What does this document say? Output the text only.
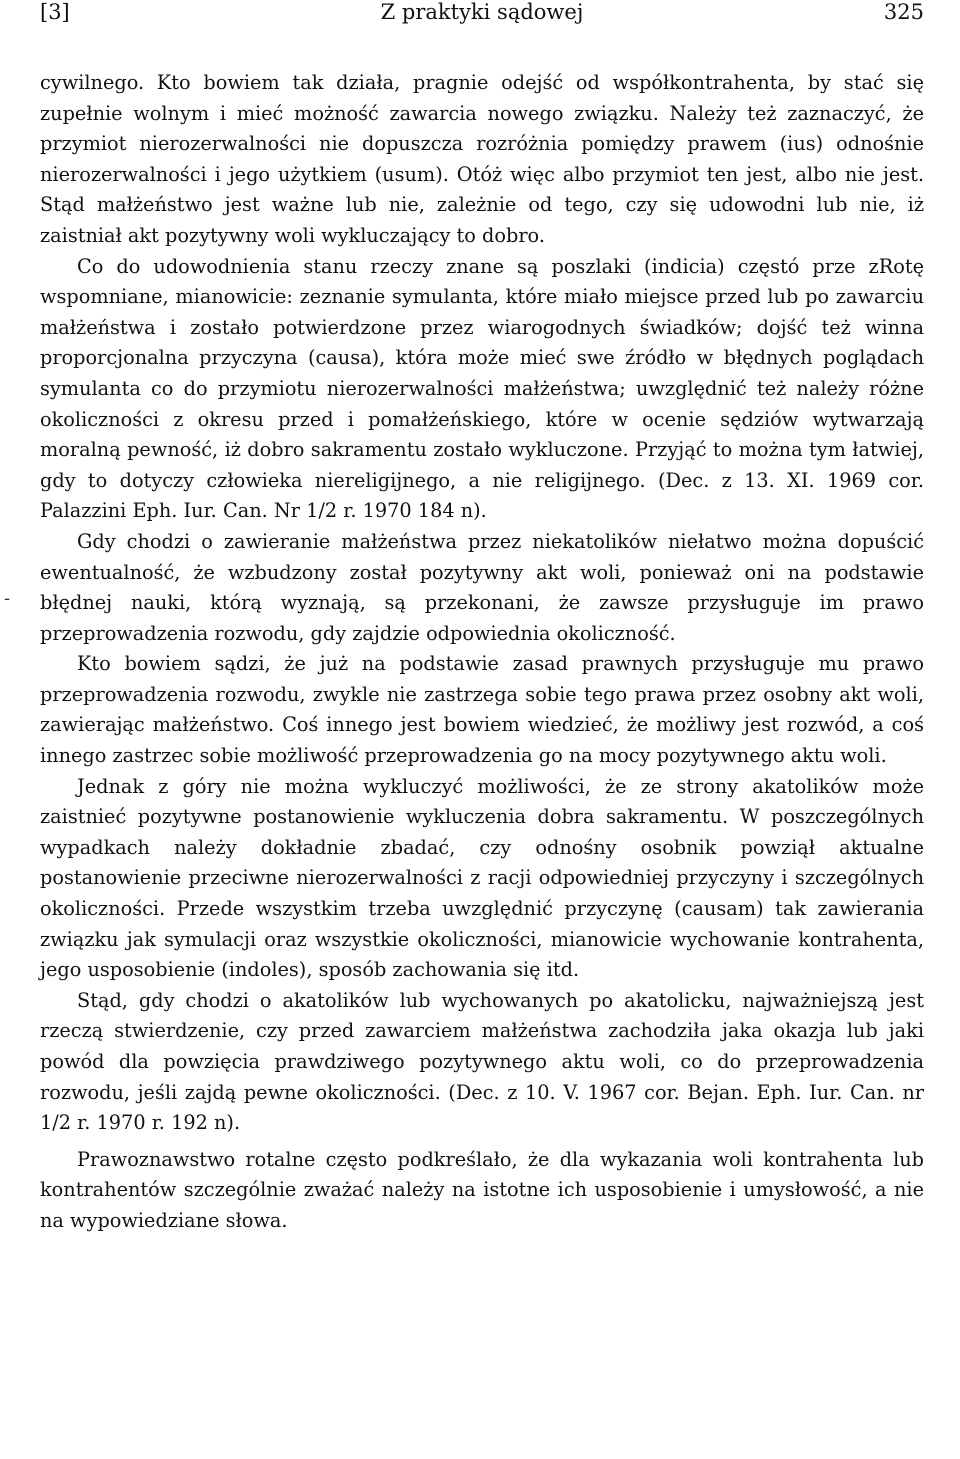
-
[3]	Z praktyki sądowej	325

cywilnego. Kto bowiem tak działa, pragnie odejść od współkontrahenta, by stać się zupełnie wolnym i mieć możność zawarcia nowego związku. Należy też zaznaczyć, że przymiot nierozerwalności nie dopuszcza rozróżnia pomiędzy prawem (ius) odnośnie nierozerwalności i jego użytkiem (usum). Otóż więc albo przymiot ten jest, albo nie jest. Stąd małżeństwo jest ważne lub nie, zależnie od tego, czy się udowodni lub nie, iż zaistniał akt pozytywny woli wykluczający to dobro.

Co do udowodnienia stanu rzeczy znane są poszlaki (indicia) częstó prze zRotę wspomniane, mianowicie: zeznanie symulanta, które miało miejsce przed lub po zawarciu małżeństwa i zostało potwierdzone przez wiarogodnych świadków; dojść też winna proporcjonalna przyczyna (causa), która może mieć swe źródło w błędnych poglądach symulanta co do przymiotu nierozerwalności małżeństwa; uwzględnić też należy różne okoliczności z okresu przed i pomałżeńskiego, które w ocenie sędziów wytwarzają moralną pewność, iż dobro sakramentu zostało wykluczone. Przyjąć to można tym łatwiej, gdy to dotyczy człowieka niereligijnego, a nie religijnego. (Dec. z 13. XI. 1969 cor. Palazzini Eph. Iur. Can. Nr 1/2 r. 1970 184 n).

Gdy chodzi o zawieranie małżeństwa przez niekatolików niełatwo można dopuścić ewentualność, że wzbudzony został pozytywny akt woli, ponieważ oni na podstawie błędnej nauki, którą wyznają, są przekonani, że zawsze przysługuje im prawo przeprowadzenia rozwodu, gdy zajdzie odpowiednia okoliczność.

Kto bowiem sądzi, że już na podstawie zasad prawnych przysługuje mu prawo przeprowadzenia rozwodu, zwykle nie zastrzega sobie tego prawa przez osobny akt woli, zawierając małżeństwo. Coś innego jest bowiem wiedzieć, że możliwy jest rozwód, a coś innego zastrzec sobie możliwość przeprowadzenia go na mocy pozytywnego aktu woli.

Jednak z góry nie można wykluczyć możliwości, że ze strony akatolików może zaistnieć pozytywne postanowienie wykluczenia dobra sakramentu. W poszczególnych wypadkach należy dokładnie zbadać, czy odnośny osobnik powziął aktualne postanowienie przeciwne nierozerwalności z racji odpowiedniej przyczyny i szczególnych okoliczności. Przede wszystkim trzeba uwzględnić przyczynę (causam) tak zawierania związku jak symulacji oraz wszystkie okoliczności, mianowicie wychowanie kontrahenta, jego usposobienie (indoles), sposób zachowania się itd.

Stąd, gdy chodzi o akatolików lub wychowanych po akatolicku, najważniejszą jest rzeczą stwierdzenie, czy przed zawarciem małżeństwa zachodziła jaka okazja lub jaki powód dla powzięcia prawdziwego pozytywnego aktu woli, co do przeprowadzenia rozwodu, jeśli zajdą pewne okoliczności. (Dec. z 10. V. 1967 cor. Bejan. Eph. Iur. Can. nr 1/2 r. 1970 r. 192 n).

Prawoznawstwo rotalne często podkreślało, że dla wykazania woli kontrahenta lub kontrahentów szczególnie zważać należy na istotne ich usposobienie i umysłowość, a nie na wypowiedziane słowa.
